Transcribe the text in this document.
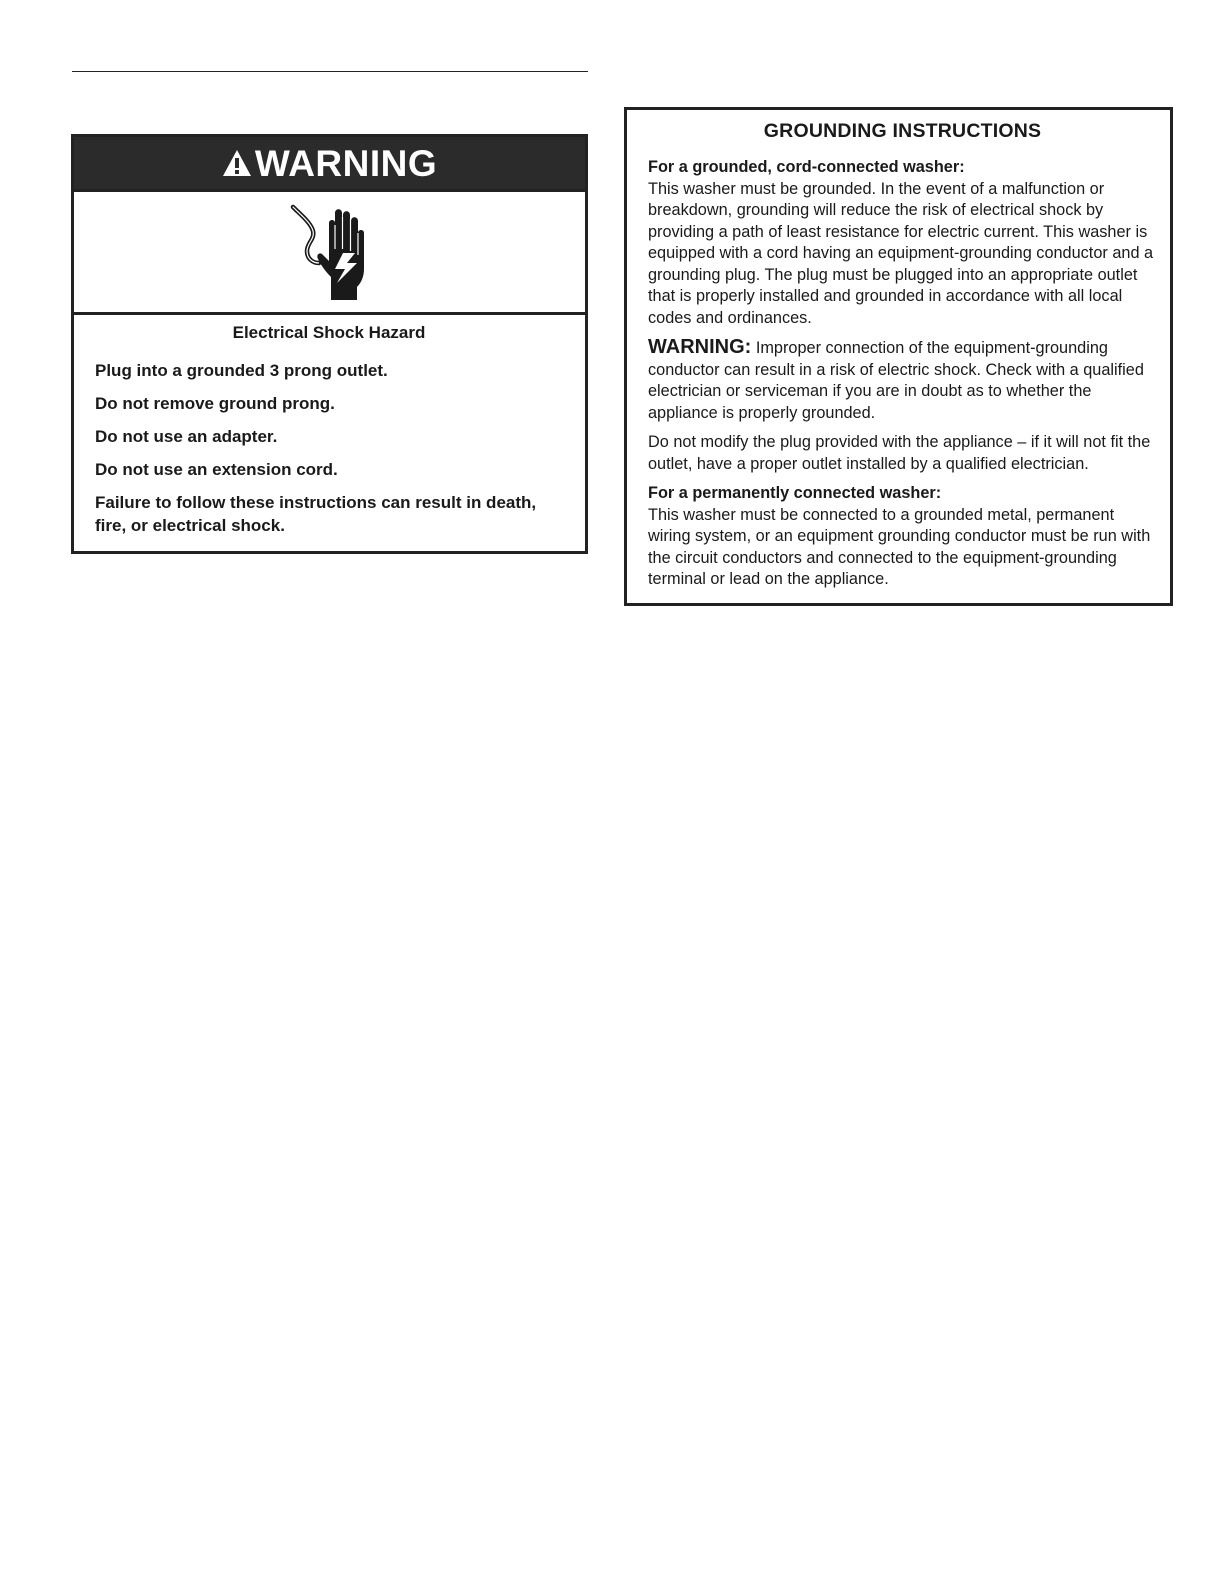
WARNING

Electrical Shock Hazard

Plug into a grounded 3 prong outlet.

Do not remove ground prong.

Do not use an adapter.

Do not use an extension cord.

Failure to follow these instructions can result in death, fire, or electrical shock.

GROUNDING INSTRUCTIONS

For a grounded, cord-connected washer:
This washer must be grounded. In the event of a malfunction or breakdown, grounding will reduce the risk of electrical shock by providing a path of least resistance for electric current. This washer is equipped with a cord having an equipment-grounding conductor and a grounding plug. The plug must be plugged into an appropriate outlet that is properly installed and grounded in accordance with all local codes and ordinances.

WARNING: Improper connection of the equipment-grounding conductor can result in a risk of electric shock. Check with a qualified electrician or serviceman if you are in doubt as to whether the appliance is properly grounded.

Do not modify the plug provided with the appliance – if it will not fit the outlet, have a proper outlet installed by a qualified electrician.

For a permanently connected washer:
This washer must be connected to a grounded metal, permanent wiring system, or an equipment grounding conductor must be run with the circuit conductors and connected to the equipment-grounding terminal or lead on the appliance.
